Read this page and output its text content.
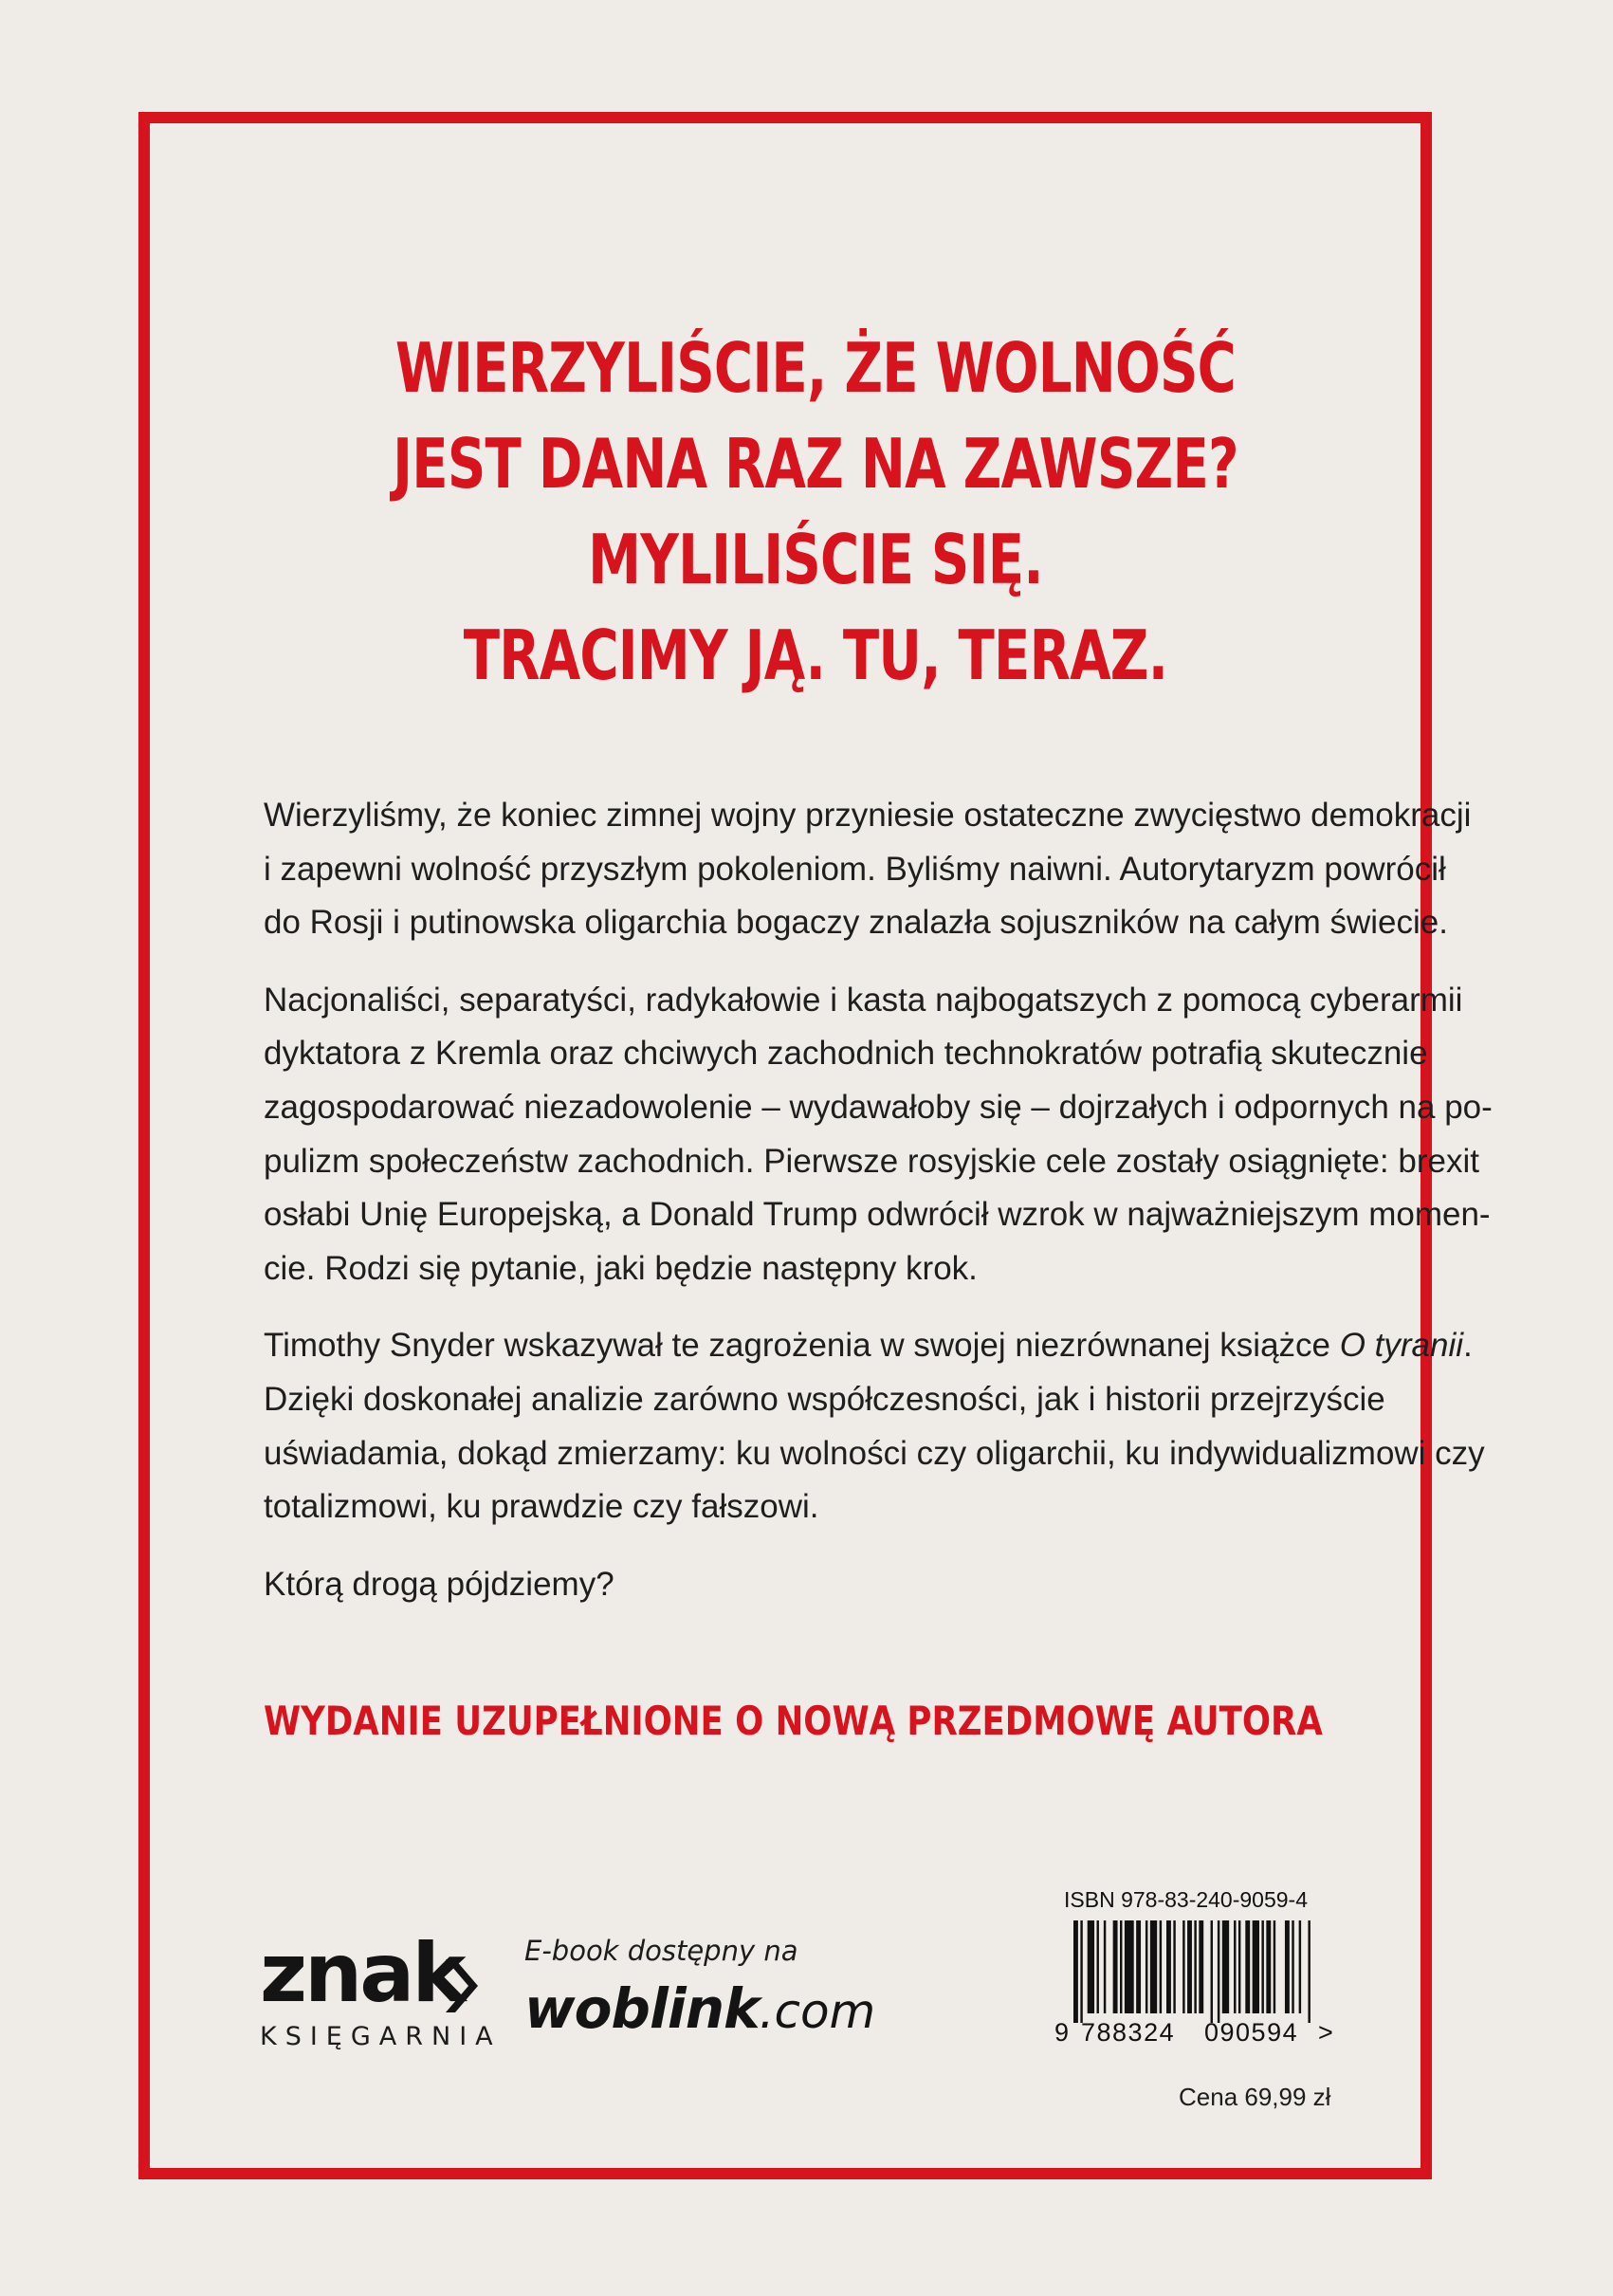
WIERZYLIŚCIE, ŻE WOLNOŚĆ
JEST DANA RAZ NA ZAWSZE?
MYLILIŚCIE SIĘ.
TRACIMY JĄ. TU, TERAZ.

Wierzyliśmy, że koniec zimnej wojny przyniesie ostateczne zwycięstwo demokracji
i zapewni wolność przyszłym pokoleniom. Byliśmy naiwni. Autorytaryzm powrócił
do Rosji i putinowska oligarchia bogaczy znalazła sojuszników na całym świecie.

Nacjonaliści, separatyści, radykałowie i kasta najbogatszych z pomocą cyberarmii
dyktatora z Kremla oraz chciwych zachodnich technokratów potrafią skutecznie
zagospodarować niezadowolenie – wydawałoby się – dojrzałych i odpornych na po-
pulizm społeczeństw zachodnich. Pierwsze rosyjskie cele zostały osiągnięte: brexit
osłabi Unię Europejską, a Donald Trump odwrócił wzrok w najważniejszym momen-
cie. Rodzi się pytanie, jaki będzie następny krok.

Timothy Snyder wskazywał te zagrożenia w swojej niezrównanej książce O tyranii.
Dzięki doskonałej analizie zarówno współczesności, jak i historii przejrzyście
uświadamia, dokąd zmierzamy: ku wolności czy oligarchii, ku indywidualizmowi czy
totalizmowi, ku prawdzie czy fałszowi.

Którą drogą pójdziemy?

WYDANIE UZUPEŁNIONE O NOWĄ PRZEDMOWĘ AUTORA
znak
KSIĘGARNIA
E-book dostępny na
woblink.com
ISBN 978-83-240-9059-4
9 788324 090594 >
Cena 69,99 zł
